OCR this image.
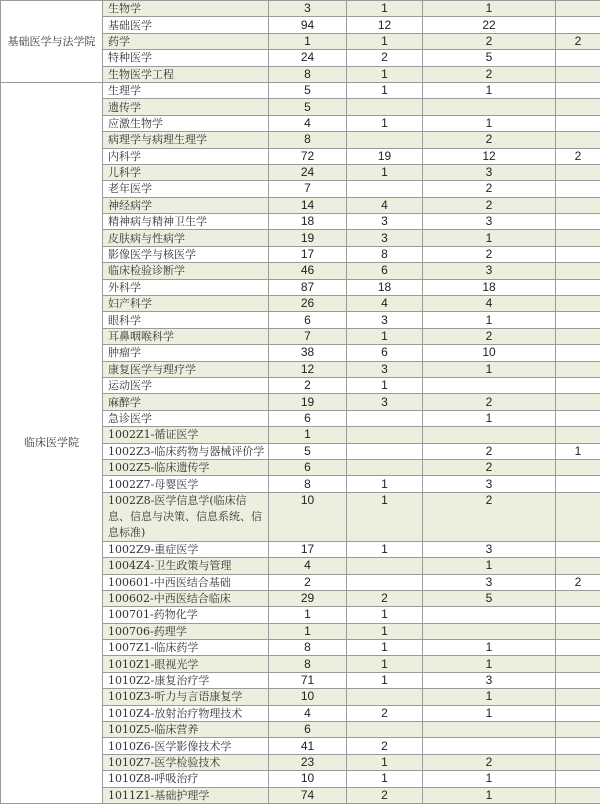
基础医学与法学院	生物学	3	1	1	
	基础医学	94	12	22	
	药学	1	1	2	2
	特种医学	24	2	5	
	生物医学工程	8	1	2	
临床医学院	生理学	5	1	1	
	遗传学	5			
	应激生物学	4	1	1	
	病理学与病理生理学	8		2	
	内科学	72	19	12	2
	儿科学	24	1	3	
	老年医学	7		2	
	神经病学	14	4	2	
	精神病与精神卫生学	18	3	3	
	皮肤病与性病学	19	3	1	
	影像医学与核医学	17	8	2	
	临床检验诊断学	46	6	3	
	外科学	87	18	18	
	妇产科学	26	4	4	
	眼科学	6	3	1	
	耳鼻咽喉科学	7	1	2	
	肿瘤学	38	6	10	
	康复医学与理疗学	12	3	1	
	运动医学	2	1		
	麻醉学	19	3	2	
	急诊医学	6		1	
	1002Z1-循证医学	1			
	1002Z3-临床药物与器械评价学	5		2	1
	1002Z5-临床遗传学	6		2	
	1002Z7-母婴医学	8	1	3	
	1002Z8-医学信息学(临床信息、信息与决策、信息系统、信息标准)	10	1	2	
	1002Z9-重症医学	17	1	3	
	1004Z4-卫生政策与管理	4		1	
	100601-中西医结合基础	2		3	2
	100602-中西医结合临床	29	2	5	
	100701-药物化学	1	1		
	100706-药理学	1	1		
	1007Z1-临床药学	8	1	1	
	1010Z1-眼视光学	8	1	1	
	1010Z2-康复治疗学	71	1	3	
	1010Z3-听力与言语康复学	10		1	
	1010Z4-放射治疗物理技术	4	2	1	
	1010Z5-临床营养	6			
	1010Z6-医学影像技术学	41	2		
	1010Z7-医学检验技术	23	1	2	
	1010Z8-呼吸治疗	10	1	1	
	1011Z1-基础护理学	74	2	1	
